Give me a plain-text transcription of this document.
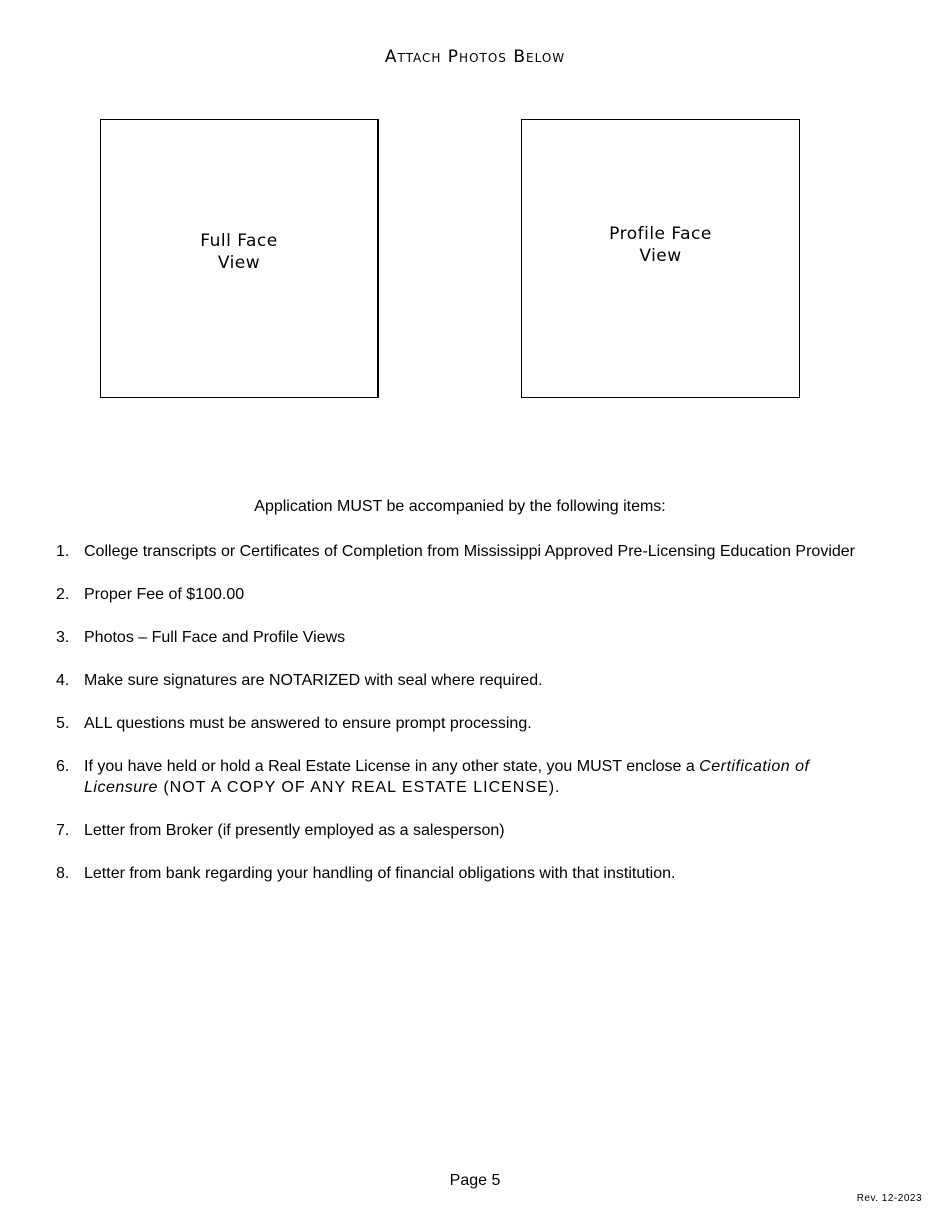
Attach Photos Below
Full Face
View
Profile Face
View
Application MUST be accompanied by the following items:
1. College transcripts or Certificates of Completion from Mississippi Approved Pre-Licensing Education Provider
2. Proper Fee of $100.00
3. Photos – Full Face and Profile Views
4. Make sure signatures are NOTARIZED with seal where required.
5. ALL questions must be answered to ensure prompt processing.
6. If you have held or hold a Real Estate License in any other state, you MUST enclose a Certification of Licensure (NOT A COPY OF ANY REAL ESTATE LICENSE).
7. Letter from Broker (if presently employed as a salesperson)
8. Letter from bank regarding your handling of financial obligations with that institution.
Page 5
Rev. 12-2023
